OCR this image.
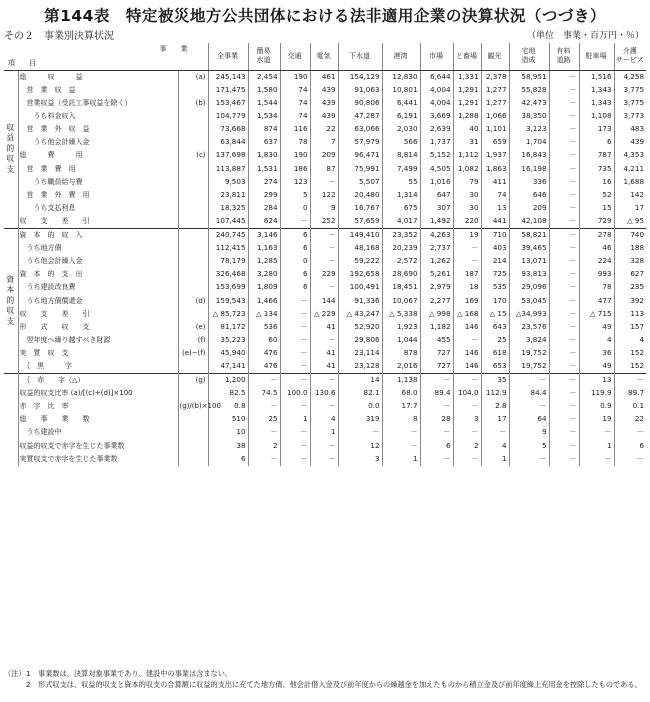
第144表　特定被災地方公共団体における法非適用企業の決算状況（つづき）
その２　事業別決算状況	（単位　事業・百万円・％）
事　　業
項　　目			全事業	簡易
水道	交通	電気	下水道	港湾	市場	と畜場	観光	宅地
造成	有料
道路	駐車場	介護
サービス
収
益
的
収
支	総　　　収　　　益	(a)	245,143	2,454	190	461	154,129	12,830	6,644	1,331	2,378	58,951	－	1,516	4,258
	　営　業　収　益		171,475	1,580	74	439	91,063	10,801	4,004	1,291	1,277	55,828	－	1,343	3,775
	　営業収益（受託工事収益を除く）	(b)	153,467	1,544	74	439	90,806	6,441	4,004	1,291	1,277	42,473	－	1,343	3,775
	　　うち料金収入		104,779	1,534	74	439	47,287	6,191	3,669	1,288	1,066	38,350	－	1,108	3,773
	　営　業　外　収　益		73,668	874	116	22	63,066	2,030	2,639	40	1,101	3,123	－	173	483
	　　うち他会計繰入金		63,844	637	78	7	57,979	566	1,737	31	659	1,704	－	6	439
	総　　　費　　　用	(c)	137,698	1,830	190	209	96,471	8,814	5,152	1,112	1,937	16,843	－	787	4,353
	　営　業　費　用		113,887	1,531	186	87	75,991	7,499	4,505	1,082	1,863	16,198	－	735	4,211
	　　うち職員給与費		9,503	274	123	－	5,507	55	1,016	79	411	336	－	16	1,688
	　営　業　外　費　用		23,811	299	5	122	20,480	1,314	647	30	74	646	－	52	142
	　　うち支払利息		18,325	284	0	9	16,767	675	307	30	13	209	－	15	17
	収　　支　　差　　引		107,445	624	－	252	57,659	4,017	1,492	220	441	42,108	－	729	△ 95
資
本
的
収
支	資　本　的　収　入		240,745	3,146	6	－	149,410	23,352	4,263	19	710	58,821	－	278	740
	　うち地方債		112,415	1,163	6	－	48,168	20,239	2,737	－	403	39,465	－	46	188
	　うち他会計繰入金		78,179	1,285	0	－	59,222	2,572	1,262	－	214	13,071	－	224	328
	資　本　的　支　出		326,468	3,280	6	229	192,658	28,690	5,261	187	725	93,813	－	993	627
	　うち建設改良費		153,699	1,809	6	－	100,491	18,451	2,979	18	535	29,096	－	78	235
	　うち地方債償還金	(d)	159,543	1,466	－	144	91,336	10,067	2,277	169	170	53,045	－	477	392
	収　　支　　差　　引		△ 85,723	△ 134	－	△ 229	△ 43,247	△ 5,338	△ 998	△ 168	△ 15	△34,993	－	△ 715	113
	形　　式　　収　　支	(e)	81,172	536	－	41	52,920	1,923	1,182	146	643	23,576	－	49	157
	　翌年度へ繰り越すべき財源	(f)	35,223	60	－	－	29,806	1,044	455	－	25	3,824	－	4	4
	実　質　収　支	(e)−(f)	45,940	476	－	41	23,114	878	727	146	618	19,752	－	36	152
	　｛　黒　　　字		47,141	476	－	41	23,128	2,016	727	146	653	19,752	－	49	152
	　｛　赤　　字（△）	(g)	1,200	－	－	－	14	1,138	－	－	35	－	－	13	－
	収益的収支比率 (a)/[(c)+(d)]×100		82.5	74.5	100.0	130.6	82.1	68.0	89.4	104.0	112.9	84.4	－	119.9	89.7
	赤　字　比　率	(g)/(b)×100	0.8	－	－	－	0.0	17.7	－	－	2.8	－	－	0.9	0.1
	総　　事　　業　　数		510	25	1	4	319	8	28	3	17	64	－	19	22
	　うち建設中		10	－	－	1	－	－	－	－	－	9	－	－	－
	収益的収支で赤字を生じた事業数		38	2	－	－	12	－	6	2	4	5	－	1	6
	実質収支で赤字を生じた事業数		6	－	－	－	3	1	－	－	1	－	－	－	－
（注） 1	事業数は、決算対象事業であり、建設中の事業は含まない。
2	形式収支は、収益的収支と資本的収支の合算額に収益的支出に充てた地方債、他会計借入金及び前年度からの繰越金を加えたものから積立金及び前年度繰上充用金を控除したものである。
